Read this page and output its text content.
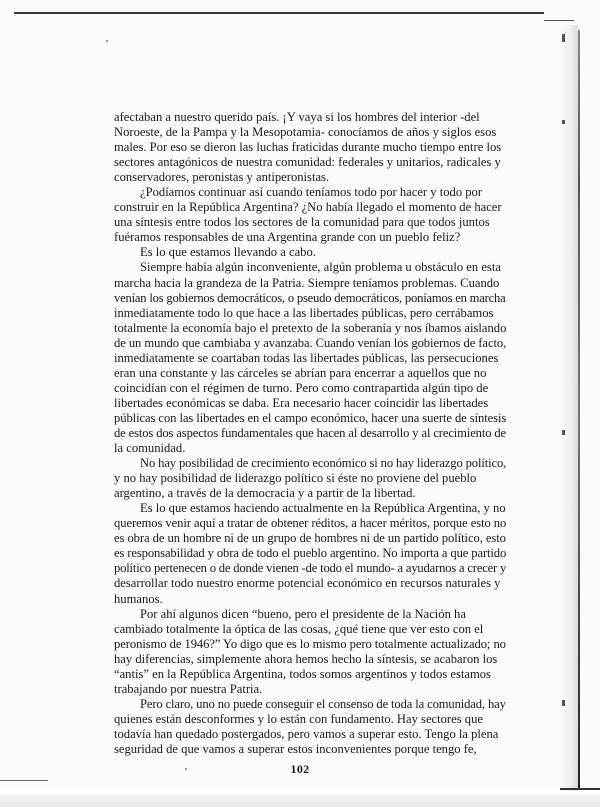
afectaban a nuestro querido país. ¡Y vaya si los hombres del interior -del
Noroeste, de la Pampa y la Mesopotamia- conocíamos de años y siglos esos
males. Por eso se dieron las luchas fraticidas durante mucho tiempo entre los
sectores antagónicos de nuestra comunidad: federales y unitarios, radicales y
conservadores, peronistas y antiperonistas.

¿Podíamos continuar así cuando teníamos todo por hacer y todo por
construir en la República Argentina? ¿No había llegado el momento de hacer
una síntesis entre todos los sectores de la comunidad para que todos juntos
fuéramos responsables de una Argentina grande con un pueblo feliz?

Es lo que estamos llevando a cabo.

Siempre había algún inconveniente, algún problema u obstáculo en esta
marcha hacia la grandeza de la Patria. Siempre teníamos problemas. Cuando
venían los gobiernos democráticos, o pseudo democráticos, poníamos en marcha
inmediatamente todo lo que hace a las libertades públicas, pero cerrábamos
totalmente la economía bajo el pretexto de la soberanía y nos íbamos aislando
de un mundo que cambiaba y avanzaba. Cuando venían los gobiernos de facto,
inmediatamente se coartaban todas las libertades públicas, las persecuciones
eran una constante y las cárceles se abrían para encerrar a aquellos que no
coincidían con el régimen de turno. Pero como contrapartida algún tipo de
libertades económicas se daba. Era necesario hacer coincidir las libertades
públicas con las libertades en el campo económico, hacer una suerte de síntesis
de estos dos aspectos fundamentales que hacen al desarrollo y al crecimiento de
la comunidad.

No hay posibilidad de crecimiento económico si no hay liderazgo político,
y no hay posibilidad de liderazgo político si éste no proviene del pueblo
argentino, a través de la democracia y a partir de la libertad.

Es lo que estamos haciendo actualmente en la República Argentina, y no
queremos venir aquí a tratar de obtener réditos, a hacer méritos, porque esto no
es obra de un hombre ni de un grupo de hombres ni de un partido político, esto
es responsabilidad y obra de todo el pueblo argentino. No importa a que partido
político pertenecen o de donde vienen -de todo el mundo- a ayudarnos a crecer y
desarrollar todo nuestro enorme potencial económico en recursos naturales y
humanos.

Por ahí algunos dicen “bueno, pero el presidente de la Nación ha
cambiado totalmente la óptica de las cosas, ¿qué tiene que ver esto con el
peronismo de 1946?” Yo digo que es lo mismo pero totalmente actualizado; no
hay diferencias, simplemente ahora hemos hecho la síntesis, se acabaron los
“antis” en la República Argentina, todos somos argentinos y todos estamos
trabajando por nuestra Patria.

Pero claro, uno no puede conseguir el consenso de toda la comunidad, hay
quienes están desconformes y lo están con fundamento. Hay sectores que
todavía han quedado postergados, pero vamos a superar esto. Tengo la plena
seguridad de que vamos a superar estos inconvenientes porque tengo fe,

102
